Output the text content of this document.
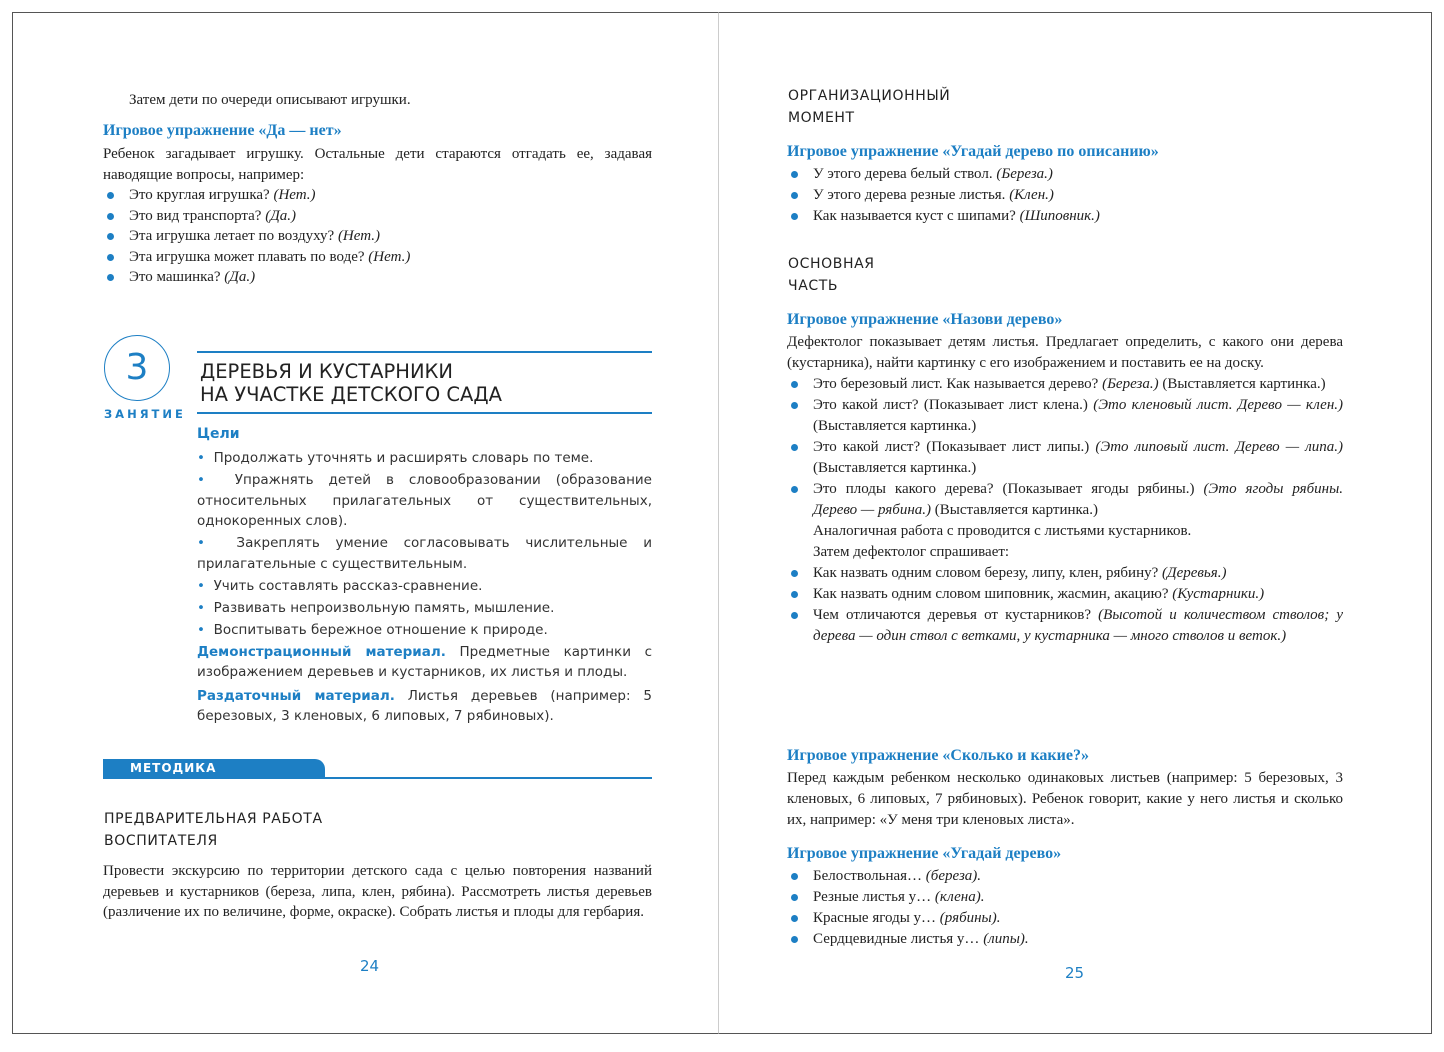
Затем дети по очереди описывают игрушки.
Игровое упражнение «Да — нет»
Ребенок загадывает игрушку. Остальные дети стараются отгадать ее, задавая наводящие вопросы, например:
Это круглая игрушка? (Нет.)
Это вид транспорта? (Да.)
Эта игрушка летает по воздуху? (Нет.)
Эта игрушка может плавать по воде? (Нет.)
Это машинка? (Да.)
3
ЗАНЯТИЕ
ДЕРЕВЬЯ И КУСТАРНИКИ
НА УЧАСТКЕ ДЕТСКОГО САДА
Цели

• Продолжать уточнять и расширять словарь по теме.

• Упражнять детей в словообразовании (образование относительных прилагательных от существительных, однокоренных слов).

• Закреплять умение согласовывать числительные и прилагательные с существительным.

• Учить составлять рассказ-сравнение.

• Развивать непроизвольную память, мышление.

• Воспитывать бережное отношение к природе.

Демонстрационный материал. Предметные картинки с изображением деревьев и кустарников, их листья и плоды.

Раздаточный материал. Листья деревьев (например: 5 березовых, 3 кленовых, 6 липовых, 7 рябиновых).

МЕТОДИКА ПРОВЕДЕНИЯ
ПРЕДВАРИТЕЛЬНАЯ РАБОТА
ВОСПИТАТЕЛЯ
Провести экскурсию по территории детского сада с целью повторения названий деревьев и кустарников (береза, липа, клен, рябина). Рассмотреть листья деревьев (различение их по величине, форме, окраске). Собрать листья и плоды для гербария.
24
ОРГАНИЗАЦИОННЫЙ
МОМЕНТ
Игровое упражнение «Угадай дерево по описанию»
У этого дерева белый ствол. (Береза.)
У этого дерева резные листья. (Клен.)
Как называется куст с шипами? (Шиповник.)
ОСНОВНАЯ
ЧАСТЬ
Игровое упражнение «Назови дерево»
Дефектолог показывает детям листья. Предлагает определить, с какого они дерева (кустарника), найти картинку с его изображением и поставить ее на доску.
Это березовый лист. Как называется дерево? (Береза.) (Выставляется картинка.)
Это какой лист? (Показывает лист клена.) (Это кленовый лист. Дерево — клен.) (Выставляется картинка.)
Это какой лист? (Показывает лист липы.) (Это липовый лист. Дерево — липа.) (Выставляется картинка.)
Это плоды какого дерева? (Показывает ягоды рябины.) (Это ягоды рябины. Дерево — рябина.) (Выставляется картинка.)
Аналогичная работа с проводится с листьями кустарников.
Затем дефектолог спрашивает:
Как назвать одним словом березу, липу, клен, рябину? (Деревья.)
Как назвать одним словом шиповник, жасмин, акацию? (Кустарники.)
Чем отличаются деревья от кустарников? (Высотой и количеством стволов; у дерева — один ствол с ветками, у кустарника — много стволов и веток.)
Игровое упражнение «Сколько и какие?»
Перед каждым ребенком несколько одинаковых листьев (например: 5 березовых, 3 кленовых, 6 липовых, 7 рябиновых). Ребенок говорит, какие у него листья и сколько их, например: «У меня три кленовых листа».
Игровое упражнение «Угадай дерево»
Белоствольная… (береза).
Резные листья у… (клена).
Красные ягоды у… (рябины).
Сердцевидные листья у… (липы).
25
